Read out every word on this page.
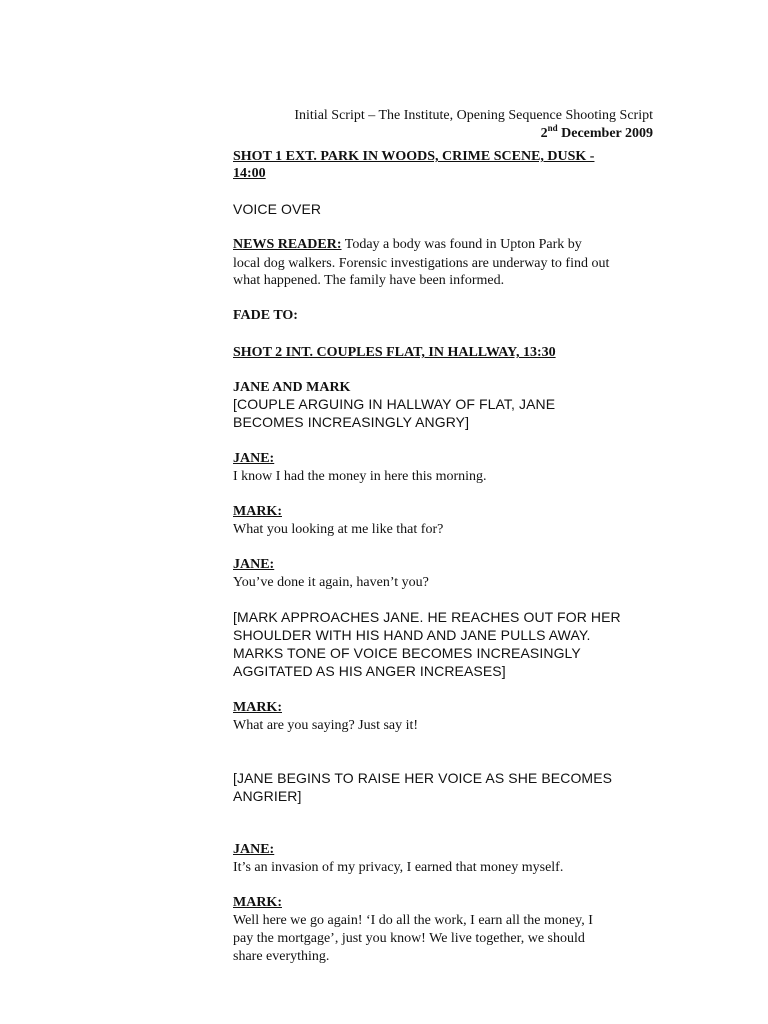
Initial Script – The Institute, Opening Sequence Shooting Script

2nd December 2009

SHOT 1 EXT. PARK IN WOODS, CRIME SCENE, DUSK -

14:00

VOICE OVER

NEWS READER: Today a body was found in Upton Park by

local dog walkers. Forensic investigations are underway to find out

what happened. The family have been informed.

FADE TO:

SHOT 2 INT. COUPLES FLAT, IN HALLWAY, 13:30

JANE AND MARK

[COUPLE ARGUING IN HALLWAY OF FLAT, JANE

BECOMES INCREASINGLY ANGRY]

JANE:

I know I had the money in here this morning.

MARK:

What you looking at me like that for?

JANE:

You’ve done it again, haven’t you?

[MARK APPROACHES JANE. HE REACHES OUT FOR HER

SHOULDER WITH HIS HAND AND JANE PULLS AWAY.

MARKS TONE OF VOICE BECOMES INCREASINGLY

AGGITATED AS HIS ANGER INCREASES]

MARK:

What are you saying? Just say it!

[JANE BEGINS TO RAISE HER VOICE AS SHE BECOMES

ANGRIER]

JANE:

It’s an invasion of my privacy, I earned that money myself.

MARK:

Well here we go again! ‘I do all the work, I earn all the money, I

pay the mortgage’, just you know! We live together, we should

share everything.
